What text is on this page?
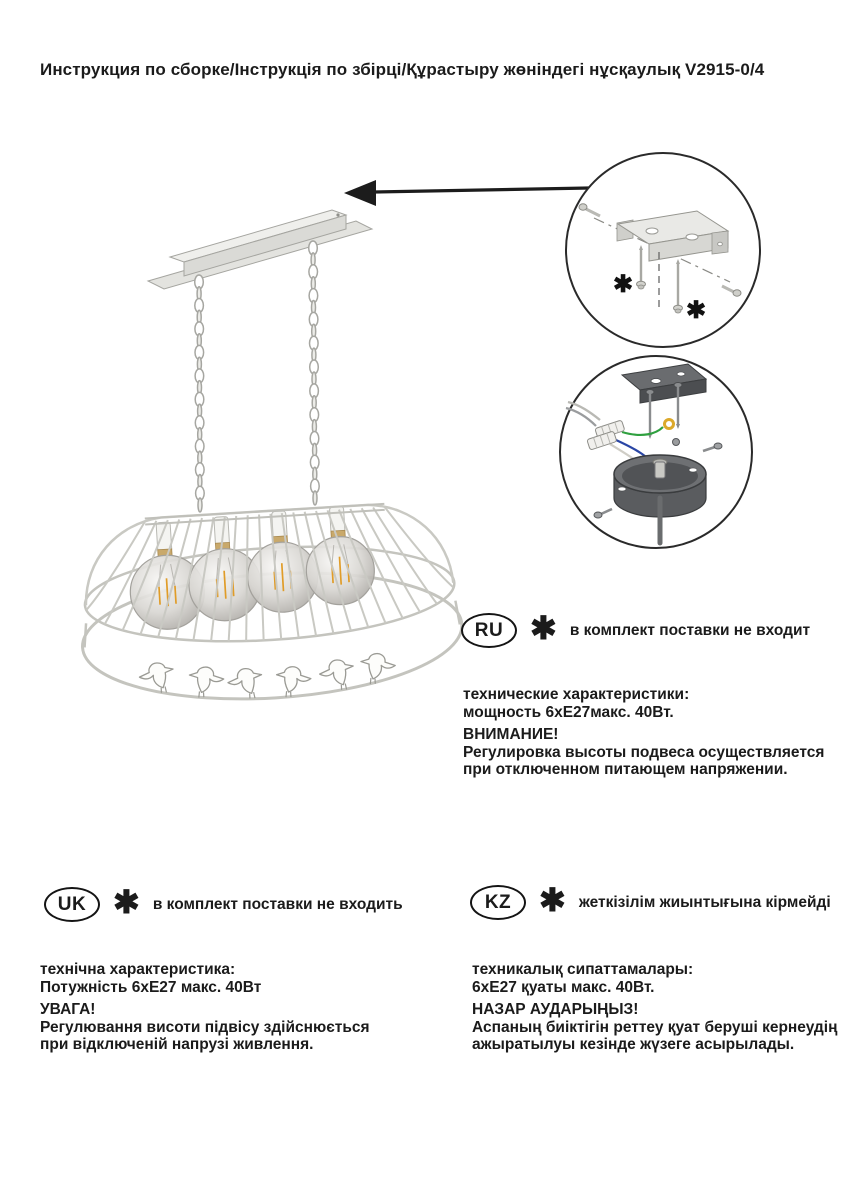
Инструкция по сборке/Інструкція по збірці/Құрастыру жөніндегі нұсқаулық V2915-0/4
✱
✱
RU ✱ в комплект поставки не входит

технические характеристики:

мощность 6хЕ27макс. 40Вт.

ВНИМАНИЕ!

Регулировка высоты подвеса осуществляется

при отключенном питающем напряжении.

UK ✱ в комплект поставки не входить

технічна характеристика:

Потужність 6хЕ27 макс. 40Вт

УВАГА!

Регулювання висоти підвісу здійснюється

при відключеній напрузі живлення.

KZ ✱ жеткізілім жиынтығына кірмейді

техникалық сипаттамалары:

6хЕ27 қуаты макс. 40Вт.

НАЗАР АУДАРЫҢЫЗ!

Аспаның биіктігін реттеу қуат беруші кернеудің

ажыратылуы кезінде жүзеге асырылады.
